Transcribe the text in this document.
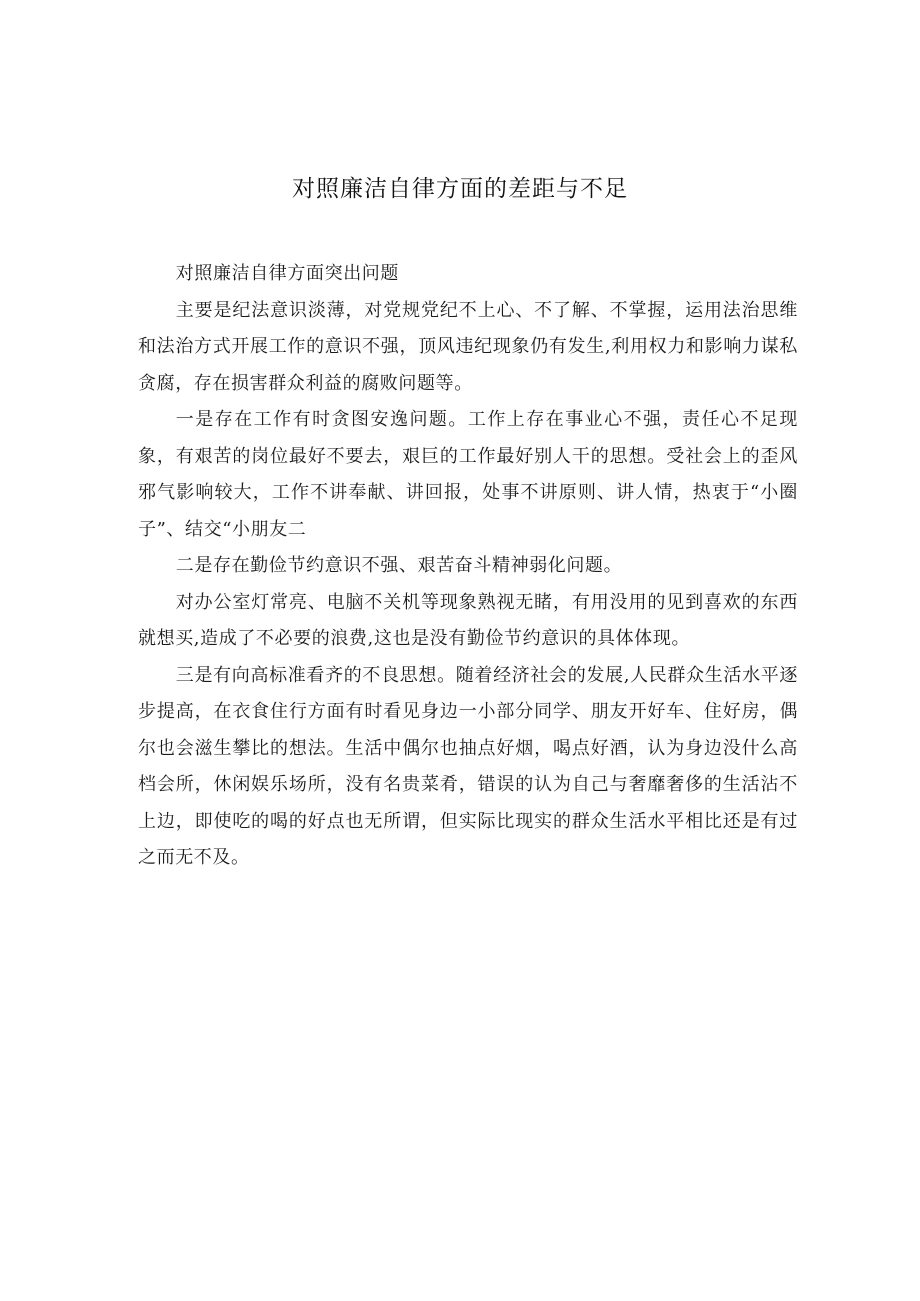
对照廉洁自律方面的差距与不足

对照廉洁自律方面突出问题

主要是纪法意识淡薄，对党规党纪不上心、不了解、不掌握，运用法治思维和法治方式开展工作的意识不强，顶风违纪现象仍有发生,利用权力和影响力谋私贪腐，存在损害群众利益的腐败问题等。

一是存在工作有时贪图安逸问题。工作上存在事业心不强，责任心不足现象，有艰苦的岗位最好不要去，艰巨的工作最好别人干的思想。受社会上的歪风邪气影响较大，工作不讲奉献、讲回报，处事不讲原则、讲人情，热衷于“小圈子”、结交“小朋友二

二是存在勤俭节约意识不强、艰苦奋斗精神弱化问题。

对办公室灯常亮、电脑不关机等现象熟视无睹，有用没用的见到喜欢的东西就想买,造成了不必要的浪费,这也是没有勤俭节约意识的具体体现。

三是有向高标准看齐的不良思想。随着经济社会的发展,人民群众生活水平逐步提高，在衣食住行方面有时看见身边一小部分同学、朋友开好车、住好房，偶尔也会滋生攀比的想法。生活中偶尔也抽点好烟，喝点好酒，认为身边没什么高档会所，休闲娱乐场所，没有名贵菜肴，错误的认为自己与奢靡奢侈的生活沾不上边，即使吃的喝的好点也无所谓，但实际比现实的群众生活水平相比还是有过之而无不及。
